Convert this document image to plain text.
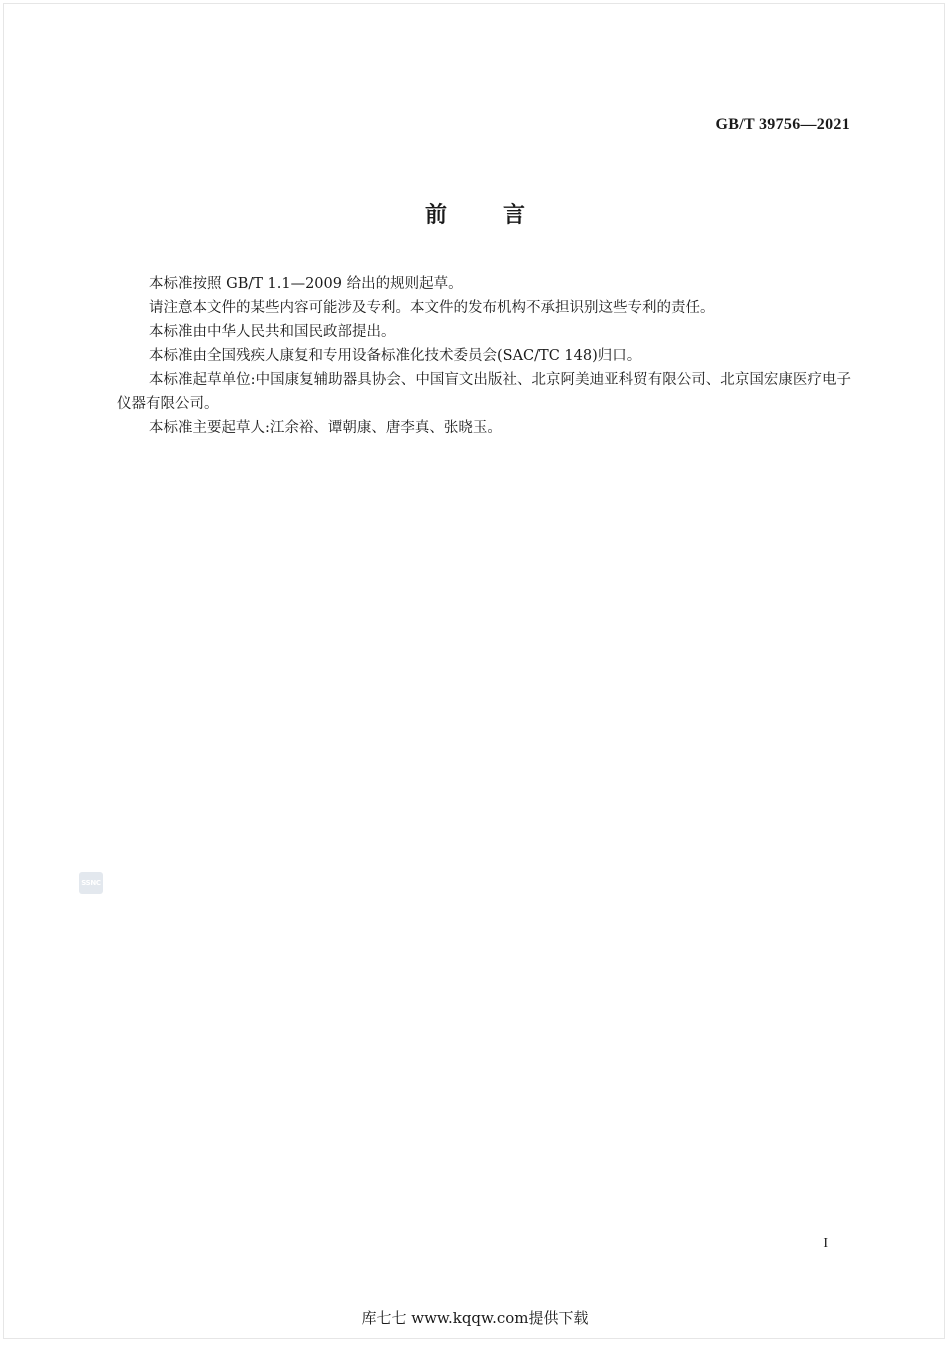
GB/T 39756—2021
前言

本标准按照 GB/T 1.1—2009 给出的规则起草。

请注意本文件的某些内容可能涉及专利。本文件的发布机构不承担识别这些专利的责任。

本标准由中华人民共和国民政部提出。

本标准由全国残疾人康复和专用设备标准化技术委员会(SAC/TC 148)归口。

本标准起草单位:中国康复辅助器具协会、中国盲文出版社、北京阿美迪亚科贸有限公司、北京国宏康医疗电子仪器有限公司。

本标准主要起草人:江余裕、谭朝康、唐李真、张晓玉。

SSNC
I
库七七 www.kqqw.com提供下载
